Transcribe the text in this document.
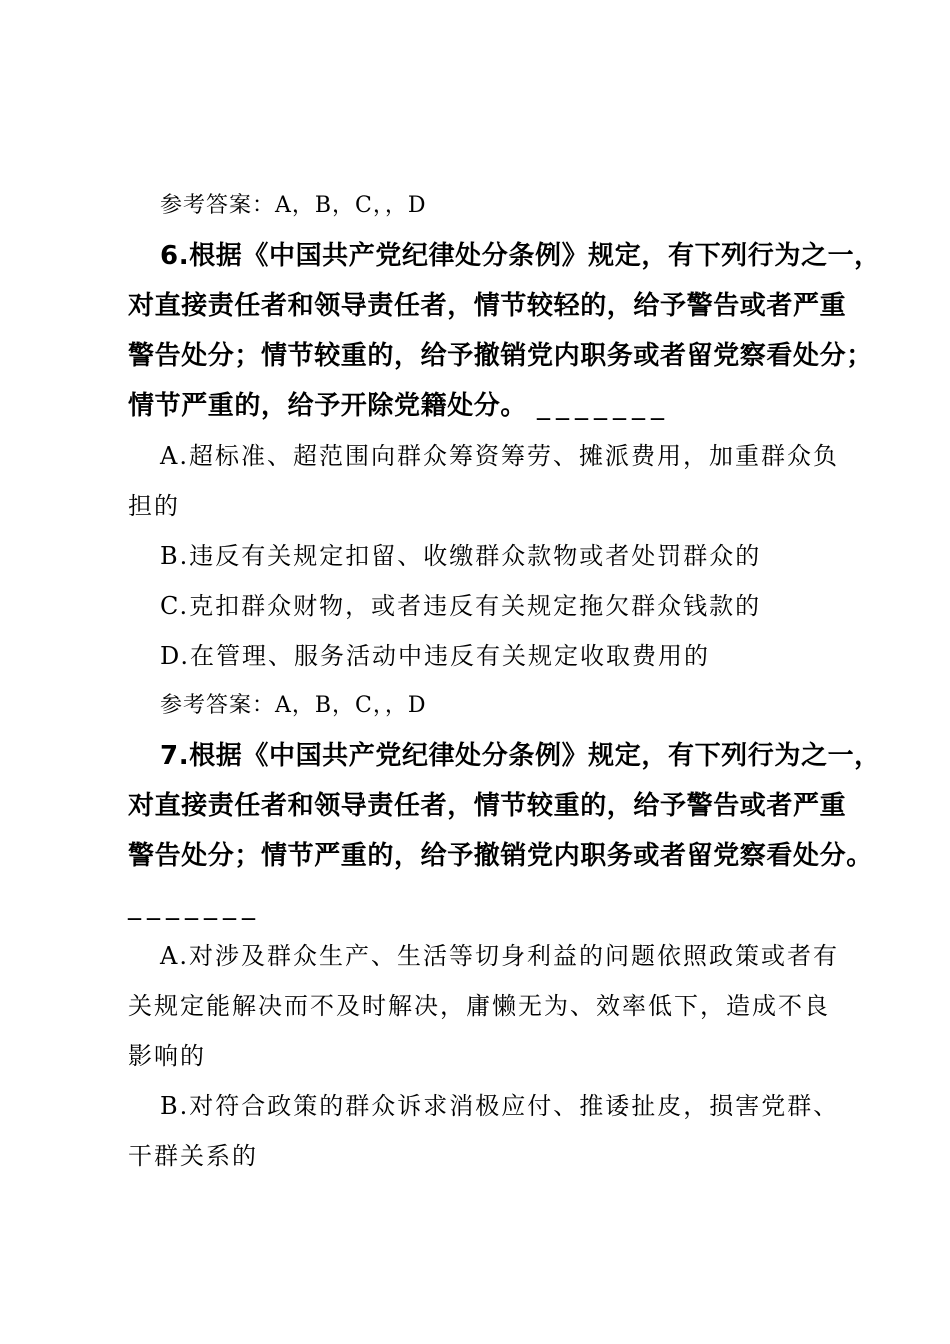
参考答案：A，B，C，，D
6.根据《中国共产党纪律处分条例》规定，有下列行为之一，
对直接责任者和领导责任者，情节较轻的，给予警告或者严重
警告处分；情节较重的，给予撤销党内职务或者留党察看处分；
情节严重的，给予开除党籍处分。 _______
A.超标准、超范围向群众筹资筹劳、摊派费用，加重群众负
担的
B.违反有关规定扣留、收缴群众款物或者处罚群众的
C.克扣群众财物，或者违反有关规定拖欠群众钱款的
D.在管理、服务活动中违反有关规定收取费用的
参考答案：A，B，C，，D
7.根据《中国共产党纪律处分条例》规定，有下列行为之一，
对直接责任者和领导责任者，情节较重的，给予警告或者严重
警告处分；情节严重的，给予撤销党内职务或者留党察看处分。
_______
A.对涉及群众生产、生活等切身利益的问题依照政策或者有
关规定能解决而不及时解决，庸懒无为、效率低下，造成不良
影响的
B.对符合政策的群众诉求消极应付、推诿扯皮，损害党群、
干群关系的
